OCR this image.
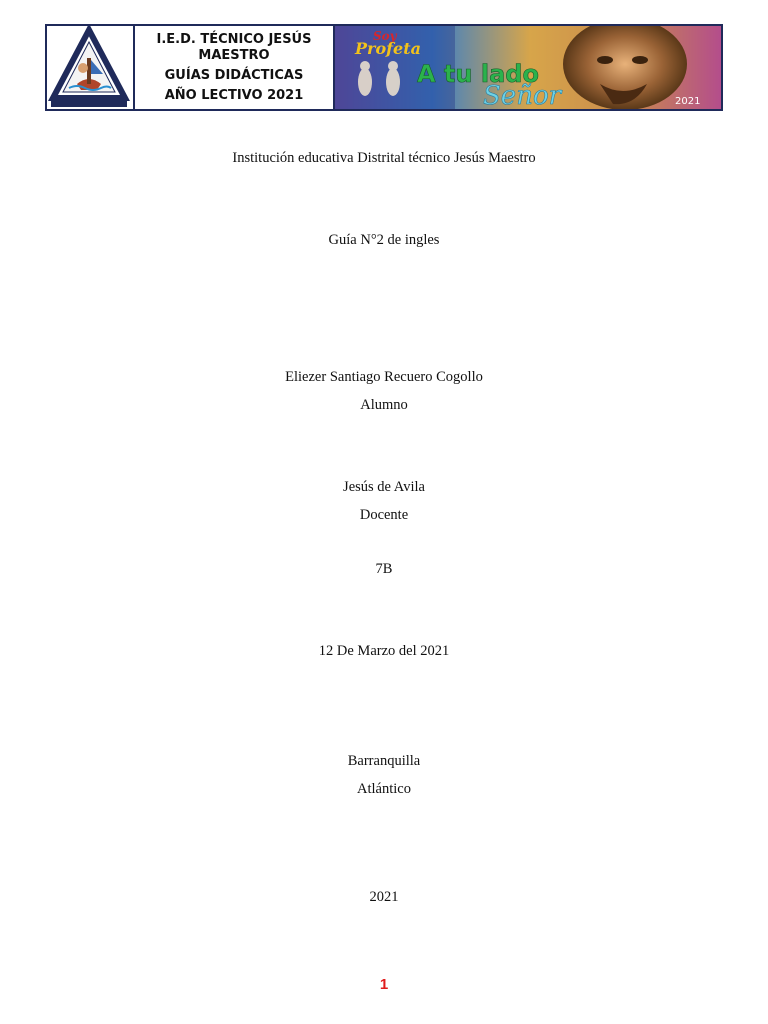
I.E.D. TÉCNICO JESÚS
MAESTRO
GUÍAS DIDÁCTICAS
AÑO LECTIVO 2021
Soy
Profeta
A tu lado
Señor	2021
Institución educativa Distrital técnico Jesús Maestro
Guía N°2 de ingles
Eliezer Santiago Recuero Cogollo
Alumno
Jesús de Avila
Docente
7B
12 De Marzo del 2021
Barranquilla
Atlántico
2021
1
